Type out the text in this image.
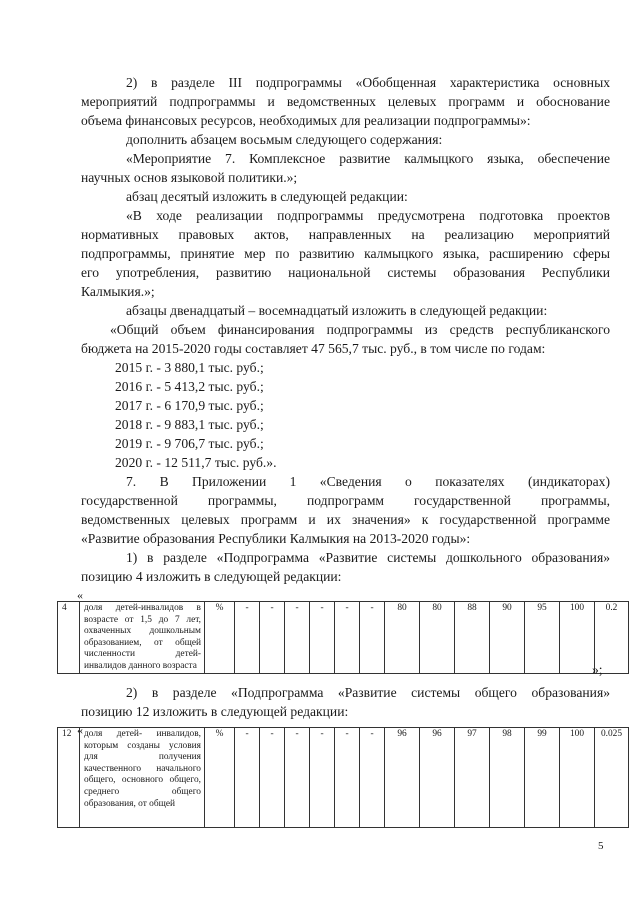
2) в разделе III подпрограммы «Обобщенная характеристика основных
мероприятий подпрограммы и ведомственных целевых программ и обоснование
объема финансовых ресурсов, необходимых для реализации подпрограммы»:
дополнить абзацем восьмым следующего содержания:
«Мероприятие 7. Комплексное развитие калмыцкого языка, обеспечение
научных основ языковой политики.»;
абзац десятый изложить в следующей редакции:
«В ходе реализации подпрограммы предусмотрена подготовка проектов
нормативных правовых актов, направленных на реализацию мероприятий
подпрограммы, принятие мер по развитию калмыцкого языка, расширению сферы
его употребления, развитию национальной системы образования Республики
Калмыкия.»;
абзацы двенадцатый – восемнадцатый изложить в следующей редакции:
«Общий объем финансирования подпрограммы из средств республиканского
бюджета на 2015-2020 годы составляет 47 565,7 тыс. руб., в том числе по годам:
2015 г. - 3 880,1 тыс. руб.;
2016 г. - 5 413,2 тыс. руб.;
2017 г. - 6 170,9 тыс. руб.;
2018 г. - 9 883,1 тыс. руб.;
2019 г. - 9 706,7 тыс. руб.;
2020 г. - 12 511,7 тыс. руб.».
7. В Приложении 1 «Сведения о показателях (индикаторах)
государственной программы, подпрограмм государственной программы,
ведомственных целевых программ и их значения» к государственной программе
«Развитие образования Республики Калмыкия на 2013-2020 годы»:
1) в разделе «Подпрограмма «Развитие системы дошкольного образования»
позицию 4 изложить в следующей редакции:
«
4	доля детей-инвалидов в возрасте от 1,5 до 7 лет, охваченных дошкольным образованием, от общей численности детей-инвалидов данного возраста	%	-	-	-	-	-	-	80	80	88	90	95	100	0.2
»;
2) в разделе «Подпрограмма «Развитие системы общего образования»
позицию 12 изложить в следующей редакции:
«
12	доля детей- инвалидов, которым созданы условия для получения качественного начального общего, основного общего, среднего общего образования, от общей	%	-	-	-	-	-	-	96	96	97	98	99	100	0.025
5
